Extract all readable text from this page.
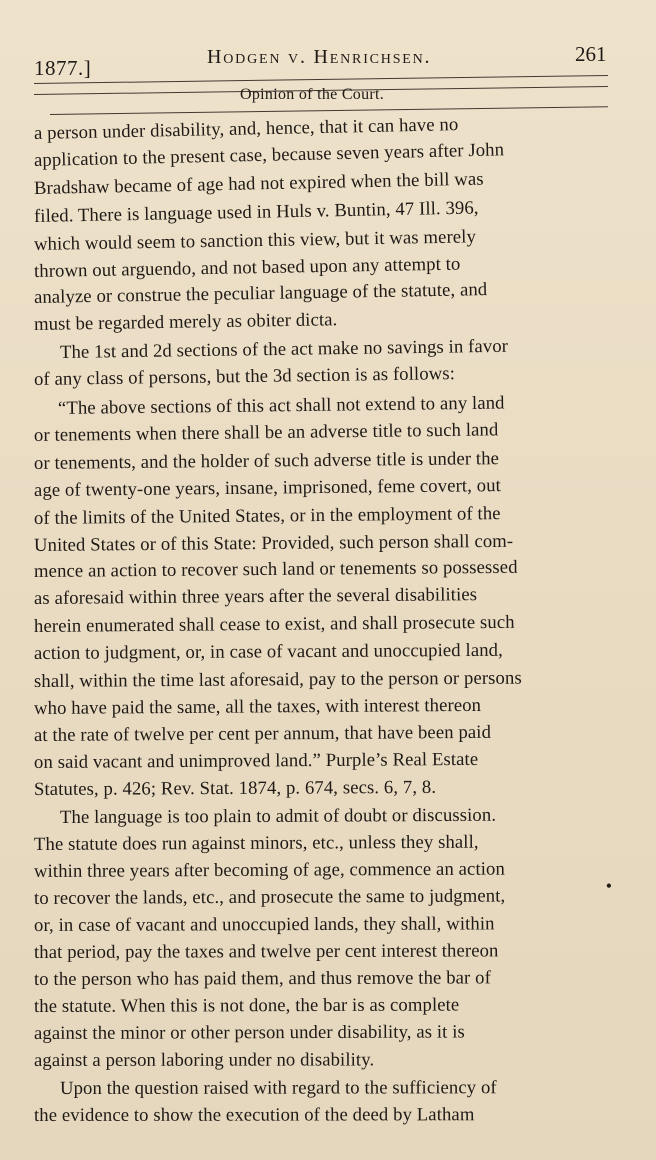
1877.]	Hodgen v. Henrichsen.	261
Opinion of the Court.
a person under disability, and, hence, that it can have no
application to the present case, because seven years after John
Bradshaw became of age had not expired when the bill was
filed. There is language used in Huls v. Buntin, 47 Ill. 396,
which would seem to sanction this view, but it was merely
thrown out arguendo, and not based upon any attempt to
analyze or construe the peculiar language of the statute, and
must be regarded merely as obiter dicta.
The 1st and 2d sections of the act make no savings in favor
of any class of persons, but the 3d section is as follows:
“The above sections of this act shall not extend to any land
or tenements when there shall be an adverse title to such land
or tenements, and the holder of such adverse title is under the
age of twenty-one years, insane, imprisoned, feme covert, out
of the limits of the United States, or in the employment of the
United States or of this State: Provided, such person shall com-
mence an action to recover such land or tenements so possessed
as aforesaid within three years after the several disabilities
herein enumerated shall cease to exist, and shall prosecute such
action to judgment, or, in case of vacant and unoccupied land,
shall, within the time last aforesaid, pay to the person or persons
who have paid the same, all the taxes, with interest thereon
at the rate of twelve per cent per annum, that have been paid
on said vacant and unimproved land.” Purple’s Real Estate
Statutes, p. 426; Rev. Stat. 1874, p. 674, secs. 6, 7, 8.
The language is too plain to admit of doubt or discussion.
The statute does run against minors, etc., unless they shall,
within three years after becoming of age, commence an action
to recover the lands, etc., and prosecute the same to judgment,
or, in case of vacant and unoccupied lands, they shall, within
that period, pay the taxes and twelve per cent interest thereon
to the person who has paid them, and thus remove the bar of
the statute. When this is not done, the bar is as complete
against the minor or other person under disability, as it is
against a person laboring under no disability.
Upon the question raised with regard to the sufficiency of
the evidence to show the execution of the deed by Latham
•
